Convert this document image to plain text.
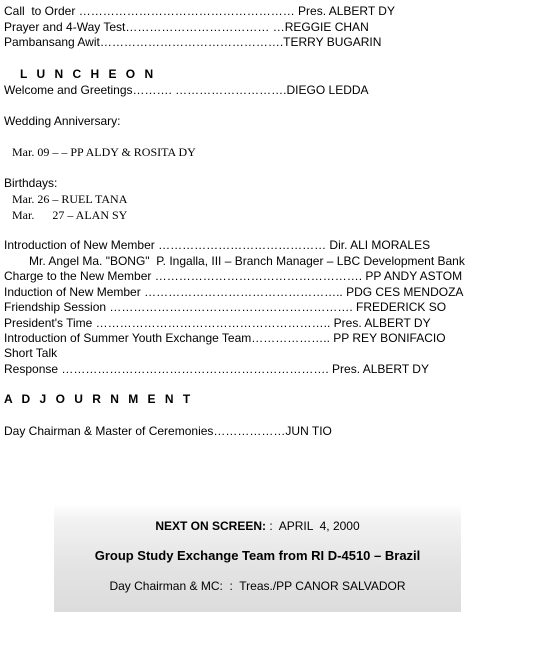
Call  to Order ……………………………………………… Pres. ALBERT DY
Prayer and 4-Way Test……………………………… …REGGIE CHAN
Pambansang Awit……………………………………….TERRY BUGARIN
L U N C H E O N
Welcome and Greetings………. ……………………….DIEGO LEDDA
Wedding Anniversary:
Mar. 09 – – PP ALDY & ROSITA DY
Birthdays:
Mar. 26 – RUEL TANA
Mar.      27 – ALAN SY
Introduction of New Member …………………………………… Dir. ALI MORALES
Mr. Angel Ma. "BONG"  P. Ingalla, III – Branch Manager – LBC Development Bank
Charge to the New Member ……………………………………………. PP ANDY ASTOM
Induction of New Member ………………………………………….. PDG CES MENDOZA
Friendship Session ……………………………………………………. FREDERICK SO
President's Time ………………………………………………….. Pres. ALBERT DY
Introduction of Summer Youth Exchange Team……………….. PP REY BONIFACIO
Short Talk
Response …………………………………………………………. Pres. ALBERT DY
A D J O U R N M E N T
Day Chairman & Master of Ceremonies………………JUN TIO
NEXT ON SCREEN: :  APRIL  4, 2000
Group Study Exchange Team from RI D-4510 – Brazil
Day Chairman & MC:  :  Treas./PP CANOR SALVADOR
